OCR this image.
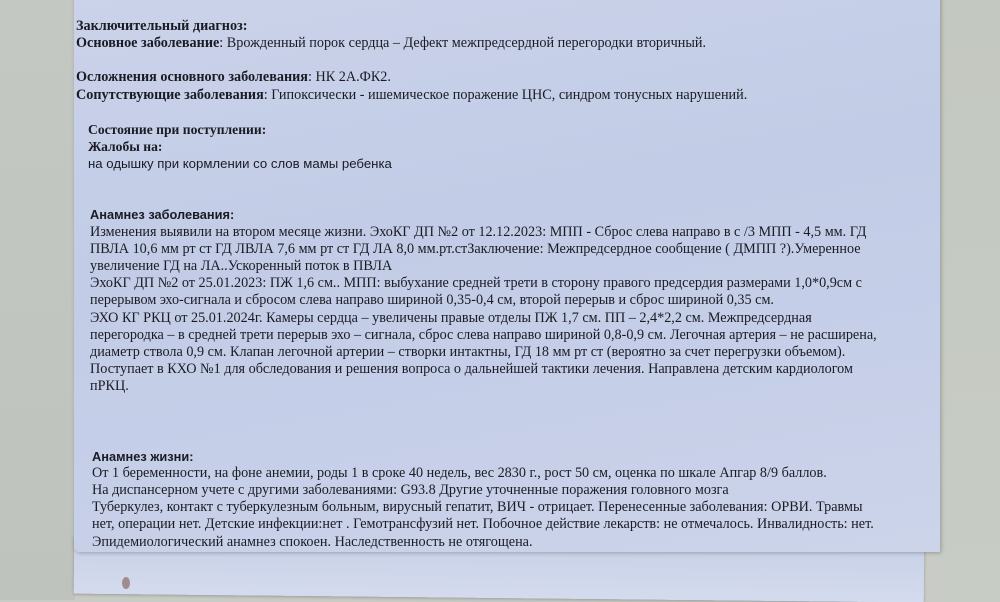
Заключительный диагноз:
Основное заболевание: Врожденный порок сердца – Дефект межпредсердной перегородки вторичный.
Осложнения основного заболевания: НК 2А.ФК2.
Сопутствующие заболевания: Гипоксически - ишемическое поражение ЦНС, синдром тонусных нарушений.
Состояние при поступлении:
Жалобы на:
на одышку при кормлении со слов мамы ребенка
Анамнез заболевания:
Изменения выявили на втором месяце жизни. ЭхоКГ ДП №2 от 12.12.2023: МПП - Сброс слева направо в с /3 МПП - 4,5 мм. ГД
ПВЛА 10,6 мм рт ст ГД ЛВЛА 7,6 мм рт ст ГД ЛА 8,0 мм.рт.стЗаключение: Межпредсердное сообщение ( ДМПП ?).Умеренное
увеличение ГД на ЛА..Ускоренный поток в ПВЛА
ЭхоКГ ДП №2 от 25.01.2023: ПЖ 1,6 см.. МПП: выбухание средней трети в сторону правого предсердия размерами 1,0*0,9см с
перерывом эхо-сигнала и сбросом слева направо шириной 0,35-0,4 см, второй перерыв и сброс шириной 0,35 см.
ЭХО КГ РКЦ от 25.01.2024г. Камеры сердца – увеличены правые отделы ПЖ 1,7 см. ПП – 2,4*2,2 см. Межпредсердная
перегородка – в средней трети перерыв эхо – сигнала, сброс слева направо шириной 0,8-0,9 см. Легочная артерия – не расширена,
диаметр ствола 0,9 см. Клапан легочной артерии – створки интактны, ГД 18 мм рт ст (вероятно за счет перегрузки объемом).
Поступает в КХО №1 для обследования и решения вопроса о дальнейшей тактики лечения. Направлена детским кардиологом
пРКЦ.
Анамнез жизни:
От 1 беременности, на фоне анемии, роды 1 в сроке 40 недель, вес 2830 г., рост 50 см, оценка по шкале Апгар 8/9 баллов.
На диспансерном учете с другими заболеваниями: G93.8 Другие уточненные поражения головного мозга
Туберкулез, контакт с туберкулезным больным, вирусный гепатит, ВИЧ - отрицает. Перенесенные заболевания: ОРВИ. Травмы
нет, операции нет. Детские инфекции:нет . Гемотрансфузий нет. Побочное действие лекарств: не отмечалось. Инвалидность: нет.
Эпидемиологический анамнез спокоен. Наследственность не отягощена.
